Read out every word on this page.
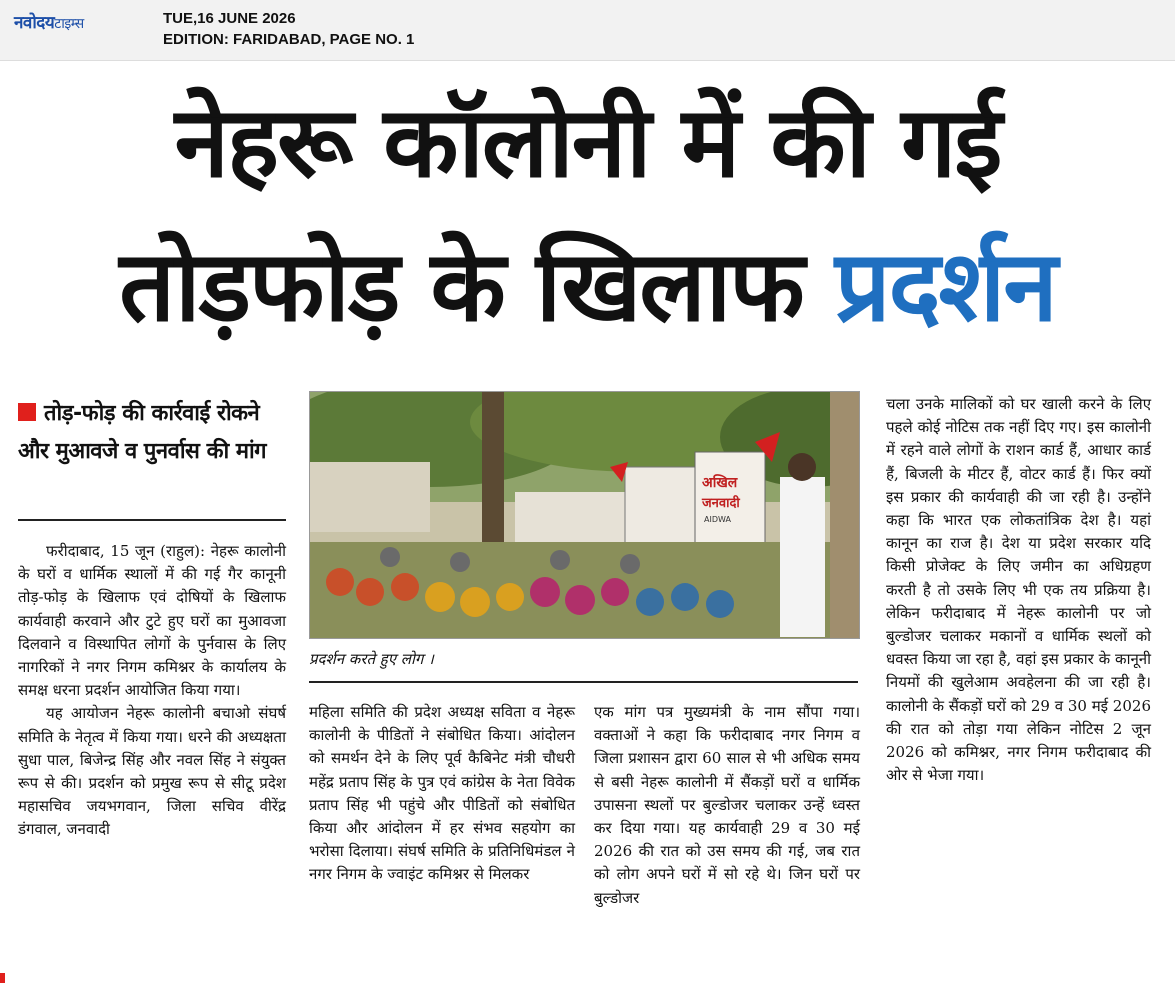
नवोदयटाइम्स	TUE,16 JUNE 2026
EDITION: FARIDABAD, PAGE NO. 1
नेहरू कॉलोनी में की गई
तोड़फोड़ के खिलाफ प्रदर्शन
तोड़-फोड़ की कार्रवाई रोकने और मुआवजे व पुनर्वास की मांग

फरीदाबाद, 15 जून (राहुल): नेहरू कालोनी के घरों व धार्मिक स्थालों में की गई गैर कानूनी तोड़-फोड़ के खिलाफ एवं दोषियों के खिलाफ कार्यवाही करवाने और टुटे हुए घरों का मुआवजा दिलवाने व विस्थापित लोगों के पुर्नवास के लिए नागरिकों ने नगर निगम कमिश्नर के कार्यालय के समक्ष धरना प्रदर्शन आयोजित किया गया।

यह आयोजन नेहरू कालोनी बचाओ संघर्ष समिति के नेतृत्व में किया गया। धरने की अध्यक्षता सुधा पाल, बिजेन्द्र सिंह और नवल सिंह ने संयुक्त रूप से की। प्रदर्शन को प्रमुख रूप से सीटू प्रदेश महासचिव जयभगवान, जिला सचिव वीरेंद्र डंगवाल, जनवादी

अखिल
जनवादी
AIDWA
प्रदर्शन करते हुए लोग ।

महिला समिति की प्रदेश अध्यक्ष सविता व नेहरू कालोनी के पीडितों ने संबोधित किया। आंदोलन को समर्थन देने के लिए पूर्व कैबिनेट मंत्री चौधरी महेंद्र प्रताप सिंह के पुत्र एवं कांग्रेस के नेता विवेक प्रताप सिंह भी पहुंचे और पीडितों को संबोधित किया और आंदोलन में हर संभव सहयोग का भरोसा दिलाया। संघर्ष समिति के प्रतिनिधिमंडल ने नगर निगम के ज्वाइंट कमिश्नर से मिलकर

एक मांग पत्र मुख्यमंत्री के नाम सौंपा गया। वक्ताओं ने कहा कि फरीदाबाद नगर निगम व जिला प्रशासन द्वारा 60 साल से भी अधिक समय से बसी नेहरू कालोनी में सैंकड़ों घरों व धार्मिक उपासना स्थलों पर बुल्डोजर चलाकर उन्हें ध्वस्त कर दिया गया। यह कार्यवाही 29 व 30 मई 2026 की रात को उस समय की गई, जब रात को लोग अपने घरों में सो रहे थे। जिन घरों पर बुल्डोजर

चला उनके मालिकों को घर खाली करने के लिए पहले कोई नोटिस तक नहीं दिए गए। इस कालोनी में रहने वाले लोगों के राशन कार्ड हैं, आधार कार्ड हैं, बिजली के मीटर हैं, वोटर कार्ड हैं। फिर क्यों इस प्रकार की कार्यवाही की जा रही है। उन्होंने कहा कि भारत एक लोकतांत्रिक देश है। यहां कानून का राज है। देश या प्रदेश सरकार यदि किसी प्रोजेक्ट के लिए जमीन का अधिग्रहण करती है तो उसके लिए भी एक तय प्रक्रिया है। लेकिन फरीदाबाद में नेहरू कालोनी पर जो बुल्डोजर चलाकर मकानों व धार्मिक स्थलों को धवस्त किया जा रहा है, वहां इस प्रकार के कानूनी नियमों की खुलेआम अवहेलना की जा रही है। कालोनी के सैंकड़ों घरों को 29 व 30 मई 2026 की रात को तोड़ा गया लेकिन नोटिस 2 जून 2026 को कमिश्नर, नगर निगम फरीदाबाद की ओर से भेजा गया।
